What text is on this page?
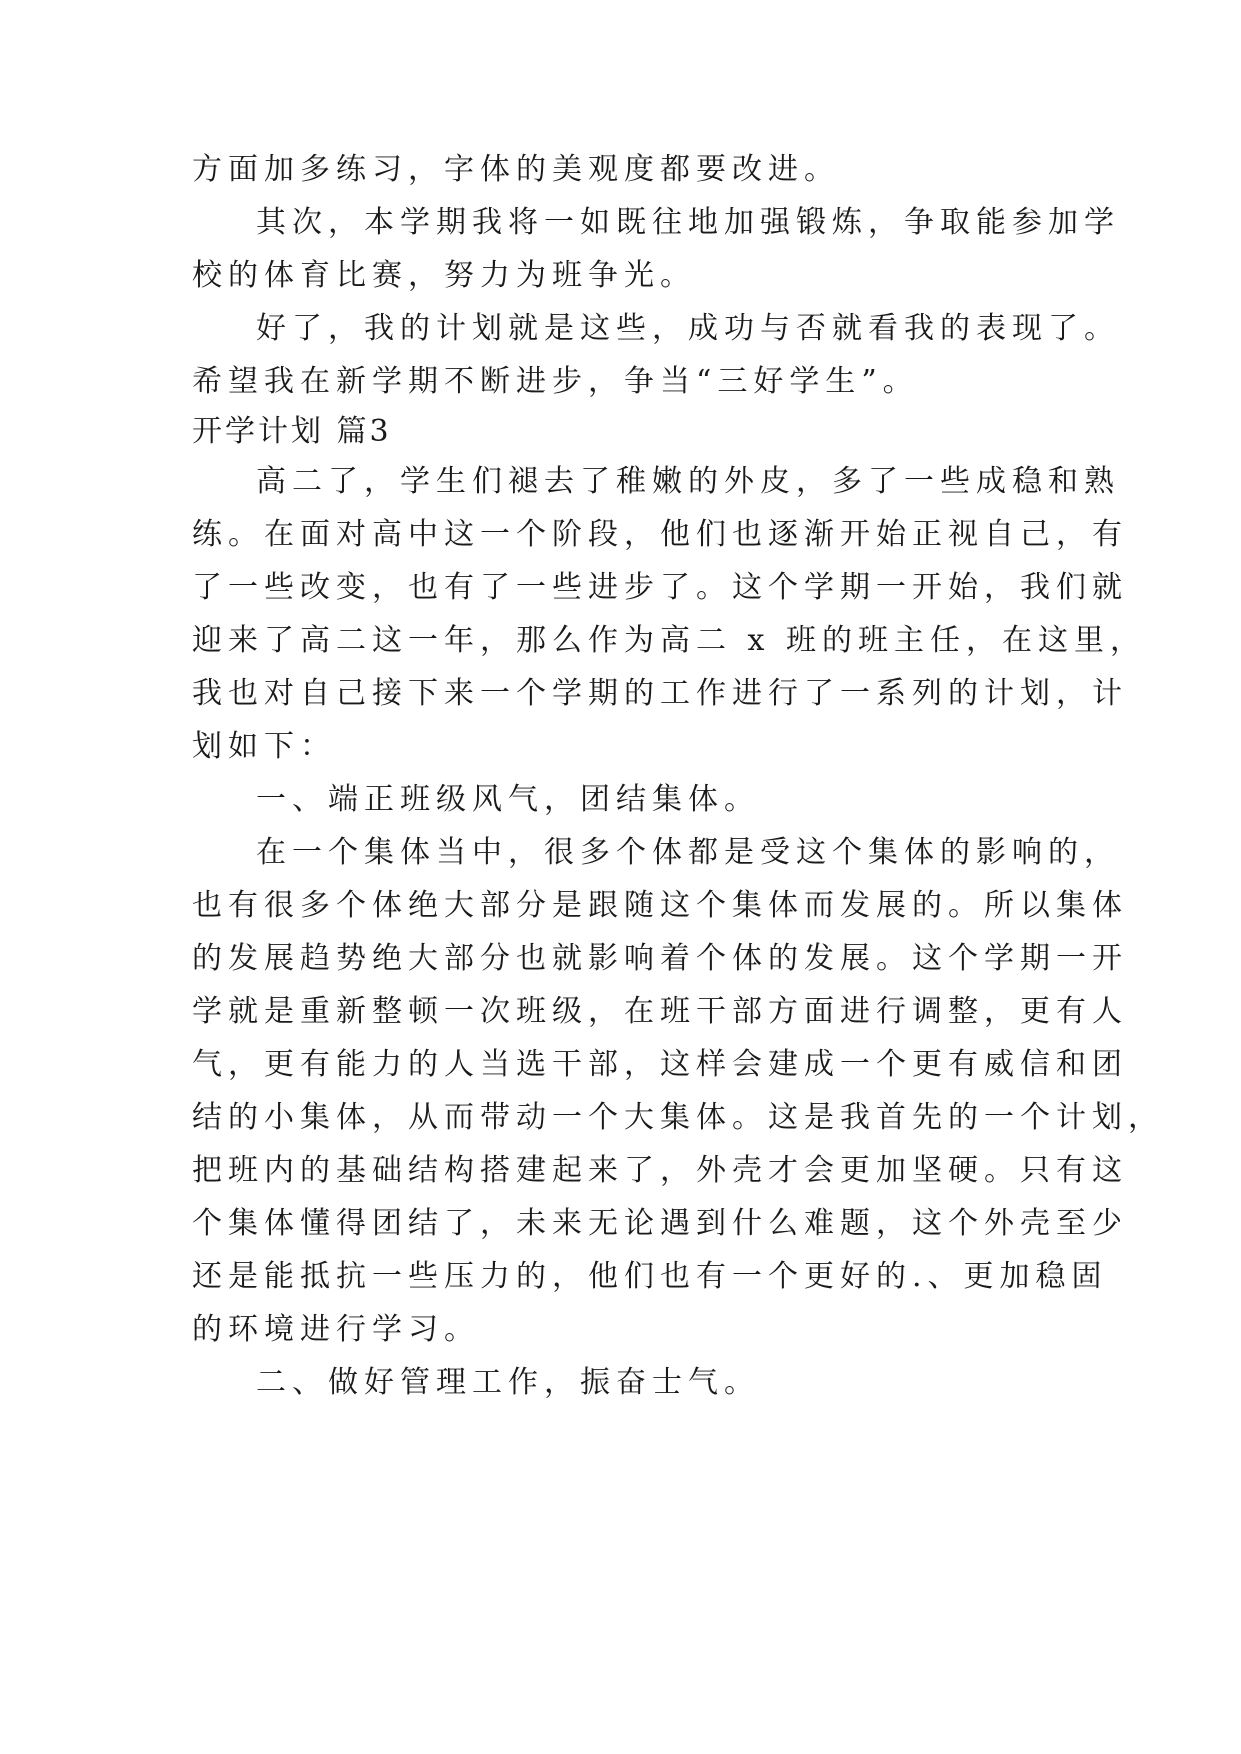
方面加多练习，字体的美观度都要改进。
其次，本学期我将一如既往地加强锻炼，争取能参加学
校的体育比赛，努力为班争光。
好了，我的计划就是这些，成功与否就看我的表现了。
希望我在新学期不断进步，争当“三好学生”。
开学计划 篇3
高二了，学生们褪去了稚嫩的外皮，多了一些成稳和熟
练。在面对高中这一个阶段，他们也逐渐开始正视自己，有
了一些改变，也有了一些进步了。这个学期一开始，我们就
迎来了高二这一年，那么作为高二 x 班的班主任，在这里，
我也对自己接下来一个学期的工作进行了一系列的计划，计
划如下：
一、端正班级风气，团结集体。
在一个集体当中，很多个体都是受这个集体的影响的，
也有很多个体绝大部分是跟随这个集体而发展的。所以集体
的发展趋势绝大部分也就影响着个体的发展。这个学期一开
学就是重新整顿一次班级，在班干部方面进行调整，更有人
气，更有能力的人当选干部，这样会建成一个更有威信和团
结的小集体，从而带动一个大集体。这是我首先的一个计划，
把班内的基础结构搭建起来了，外壳才会更加坚硬。只有这
个集体懂得团结了，未来无论遇到什么难题，这个外壳至少
还是能抵抗一些压力的，他们也有一个更好的.、更加稳固
的环境进行学习。
二、做好管理工作，振奋士气。
